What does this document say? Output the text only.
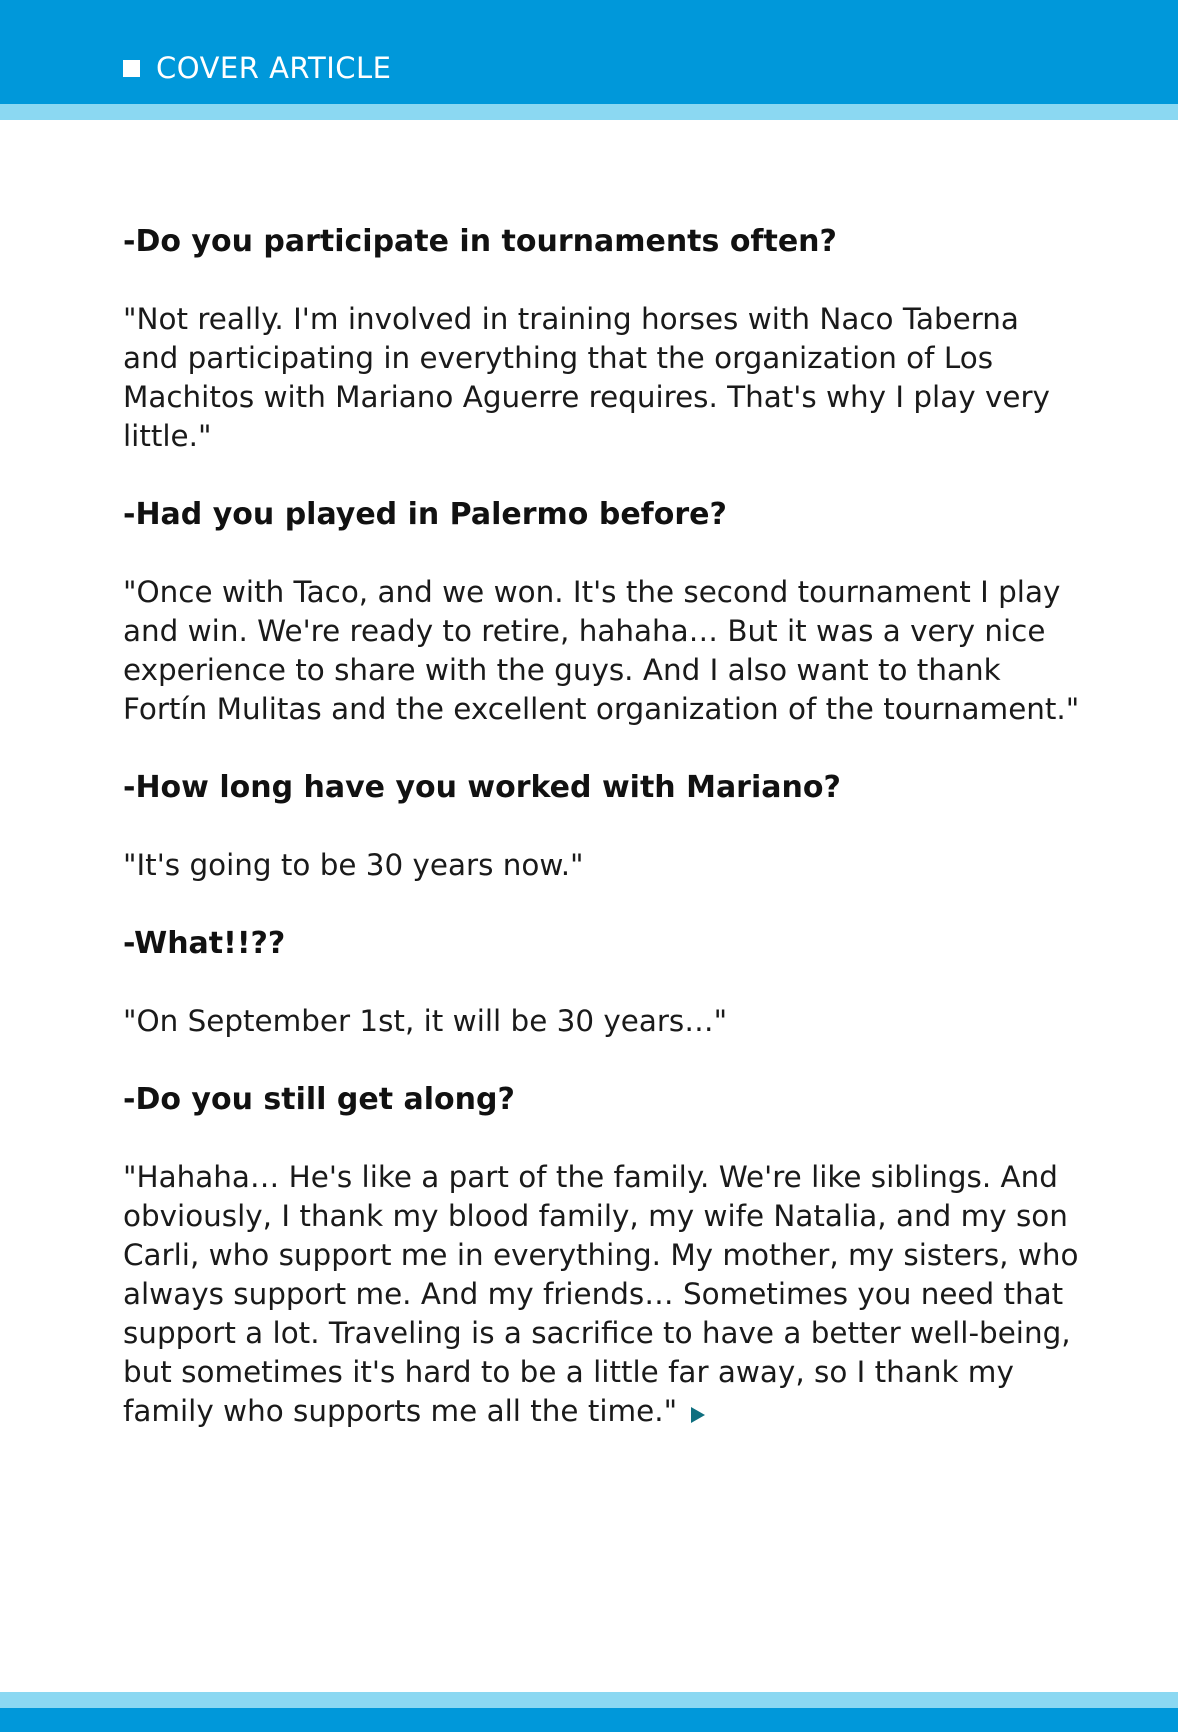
COVER ARTICLE

-Do you participate in tournaments often?

"Not really. I'm involved in training horses with Naco Taberna and participating in everything that the organization of Los Machitos with Mariano Aguerre requires. That's why I play very little."

-Had you played in Palermo before?

"Once with Taco, and we won. It's the second tournament I play and win. We're ready to retire, hahaha… But it was a very nice experience to share with the guys. And I also want to thank Fortín Mulitas and the excellent organization of the tournament."

-How long have you worked with Mariano?

"It's going to be 30 years now."

-What!!??

"On September 1st, it will be 30 years…"

-Do you still get along?

"Hahaha… He's like a part of the family. We're like siblings. And obviously, I thank my blood family, my wife Natalia, and my son Carli, who support me in everything. My mother, my sisters, who always support me. And my friends… Sometimes you need that support a lot. Traveling is a sacrifice to have a better well-being, but sometimes it's hard to be a little far away, so I thank my family who supports me all the time."
